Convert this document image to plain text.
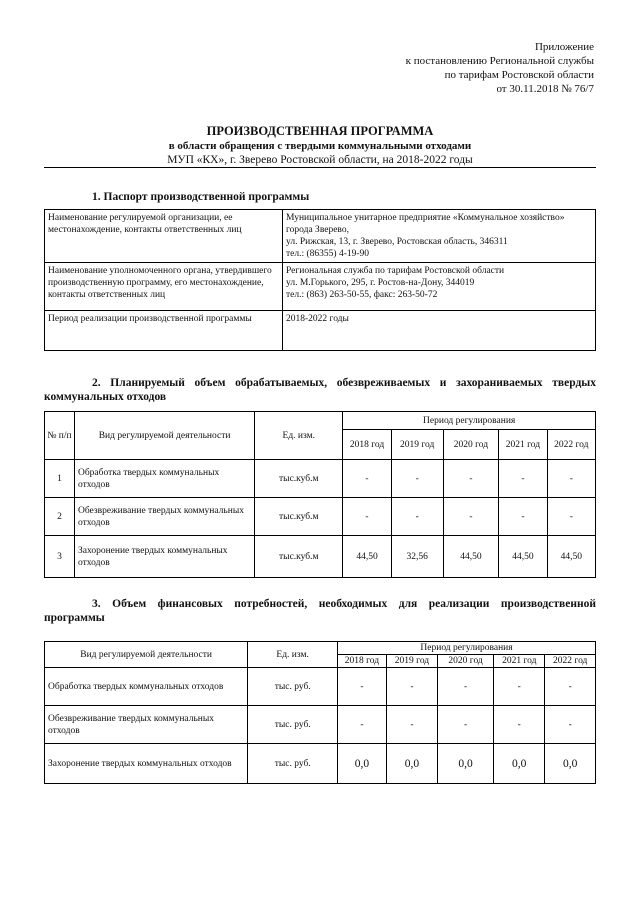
Приложение
к постановлению Региональной службы
по тарифам Ростовской области
от 30.11.2018 № 76/7
ПРОИЗВОДСТВЕННАЯ ПРОГРАММА
в области обращения с твердыми коммунальными отходами
МУП «КХ», г. Зверево Ростовской области, на 2018-2022 годы
1. Паспорт производственной программы
Наименование регулируемой организации, ее местонахождение, контакты ответственных лиц	Муниципальное унитарное предприятие «Коммунальное хозяйство» города Зверево,
ул. Рижская, 13, г. Зверево, Ростовская область, 346311
тел.: (86355) 4-19-90

Наименование уполномоченного органа, утвердившего производственную программу, его местонахождение, контакты ответственных лиц	Региональная служба по тарифам Ростовской области
ул. М.Горького, 295, г. Ростов-на-Дону, 344019
тел.: (863) 263-50-55, факс: 263-50-72

Период реализации производственной программы	2018-2022 годы
2. Планируемый объем обрабатываемых, обезвреживаемых и захораниваемых твердых коммунальных отходов
№ п/п	Вид регулируемой деятельности	Ед. изм.	Период регулирования				
			2018 год	2019 год	2020 год	2021 год	2022 год
1	Обработка твердых коммунальных отходов	тыс.куб.м	-	-	-	-	-
2	Обезвреживание твердых коммунальных отходов	тыс.куб.м	-	-	-	-	-
3	Захоронение твердых коммунальных отходов	тыс.куб.м	44,50	32,56	44,50	44,50	44,50
3. Объем финансовых потребностей, необходимых для реализации производственной программы
Вид регулируемой деятельности	Ед. изм.	Период регулирования				
		2018 год	2019 год	2020 год	2021 год	2022 год
Обработка твердых коммунальных отходов	тыс. руб.	-	-	-	-	-
Обезвреживание твердых коммунальных отходов	тыс. руб.	-	-	-	-	-
Захоронение твердых коммунальных отходов	тыс. руб.	0,0	0,0	0,0	0,0	0,0
